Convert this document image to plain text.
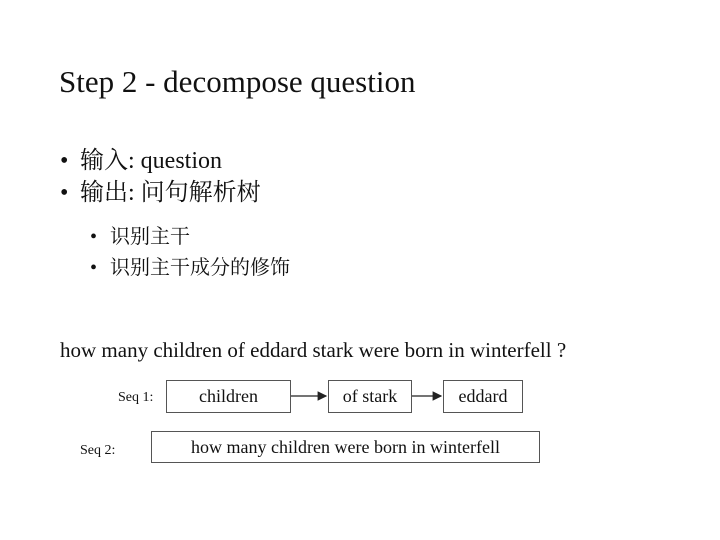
Step 2 - decompose question
• 输入: question
• 输出: 问句解析树
• 识别主干
• 识别主干成分的修饰
how many children of eddard stark were born in winterfell ?
Seq 1:	children	of stark	eddard
Seq 2:	how many children were born in winterfell
